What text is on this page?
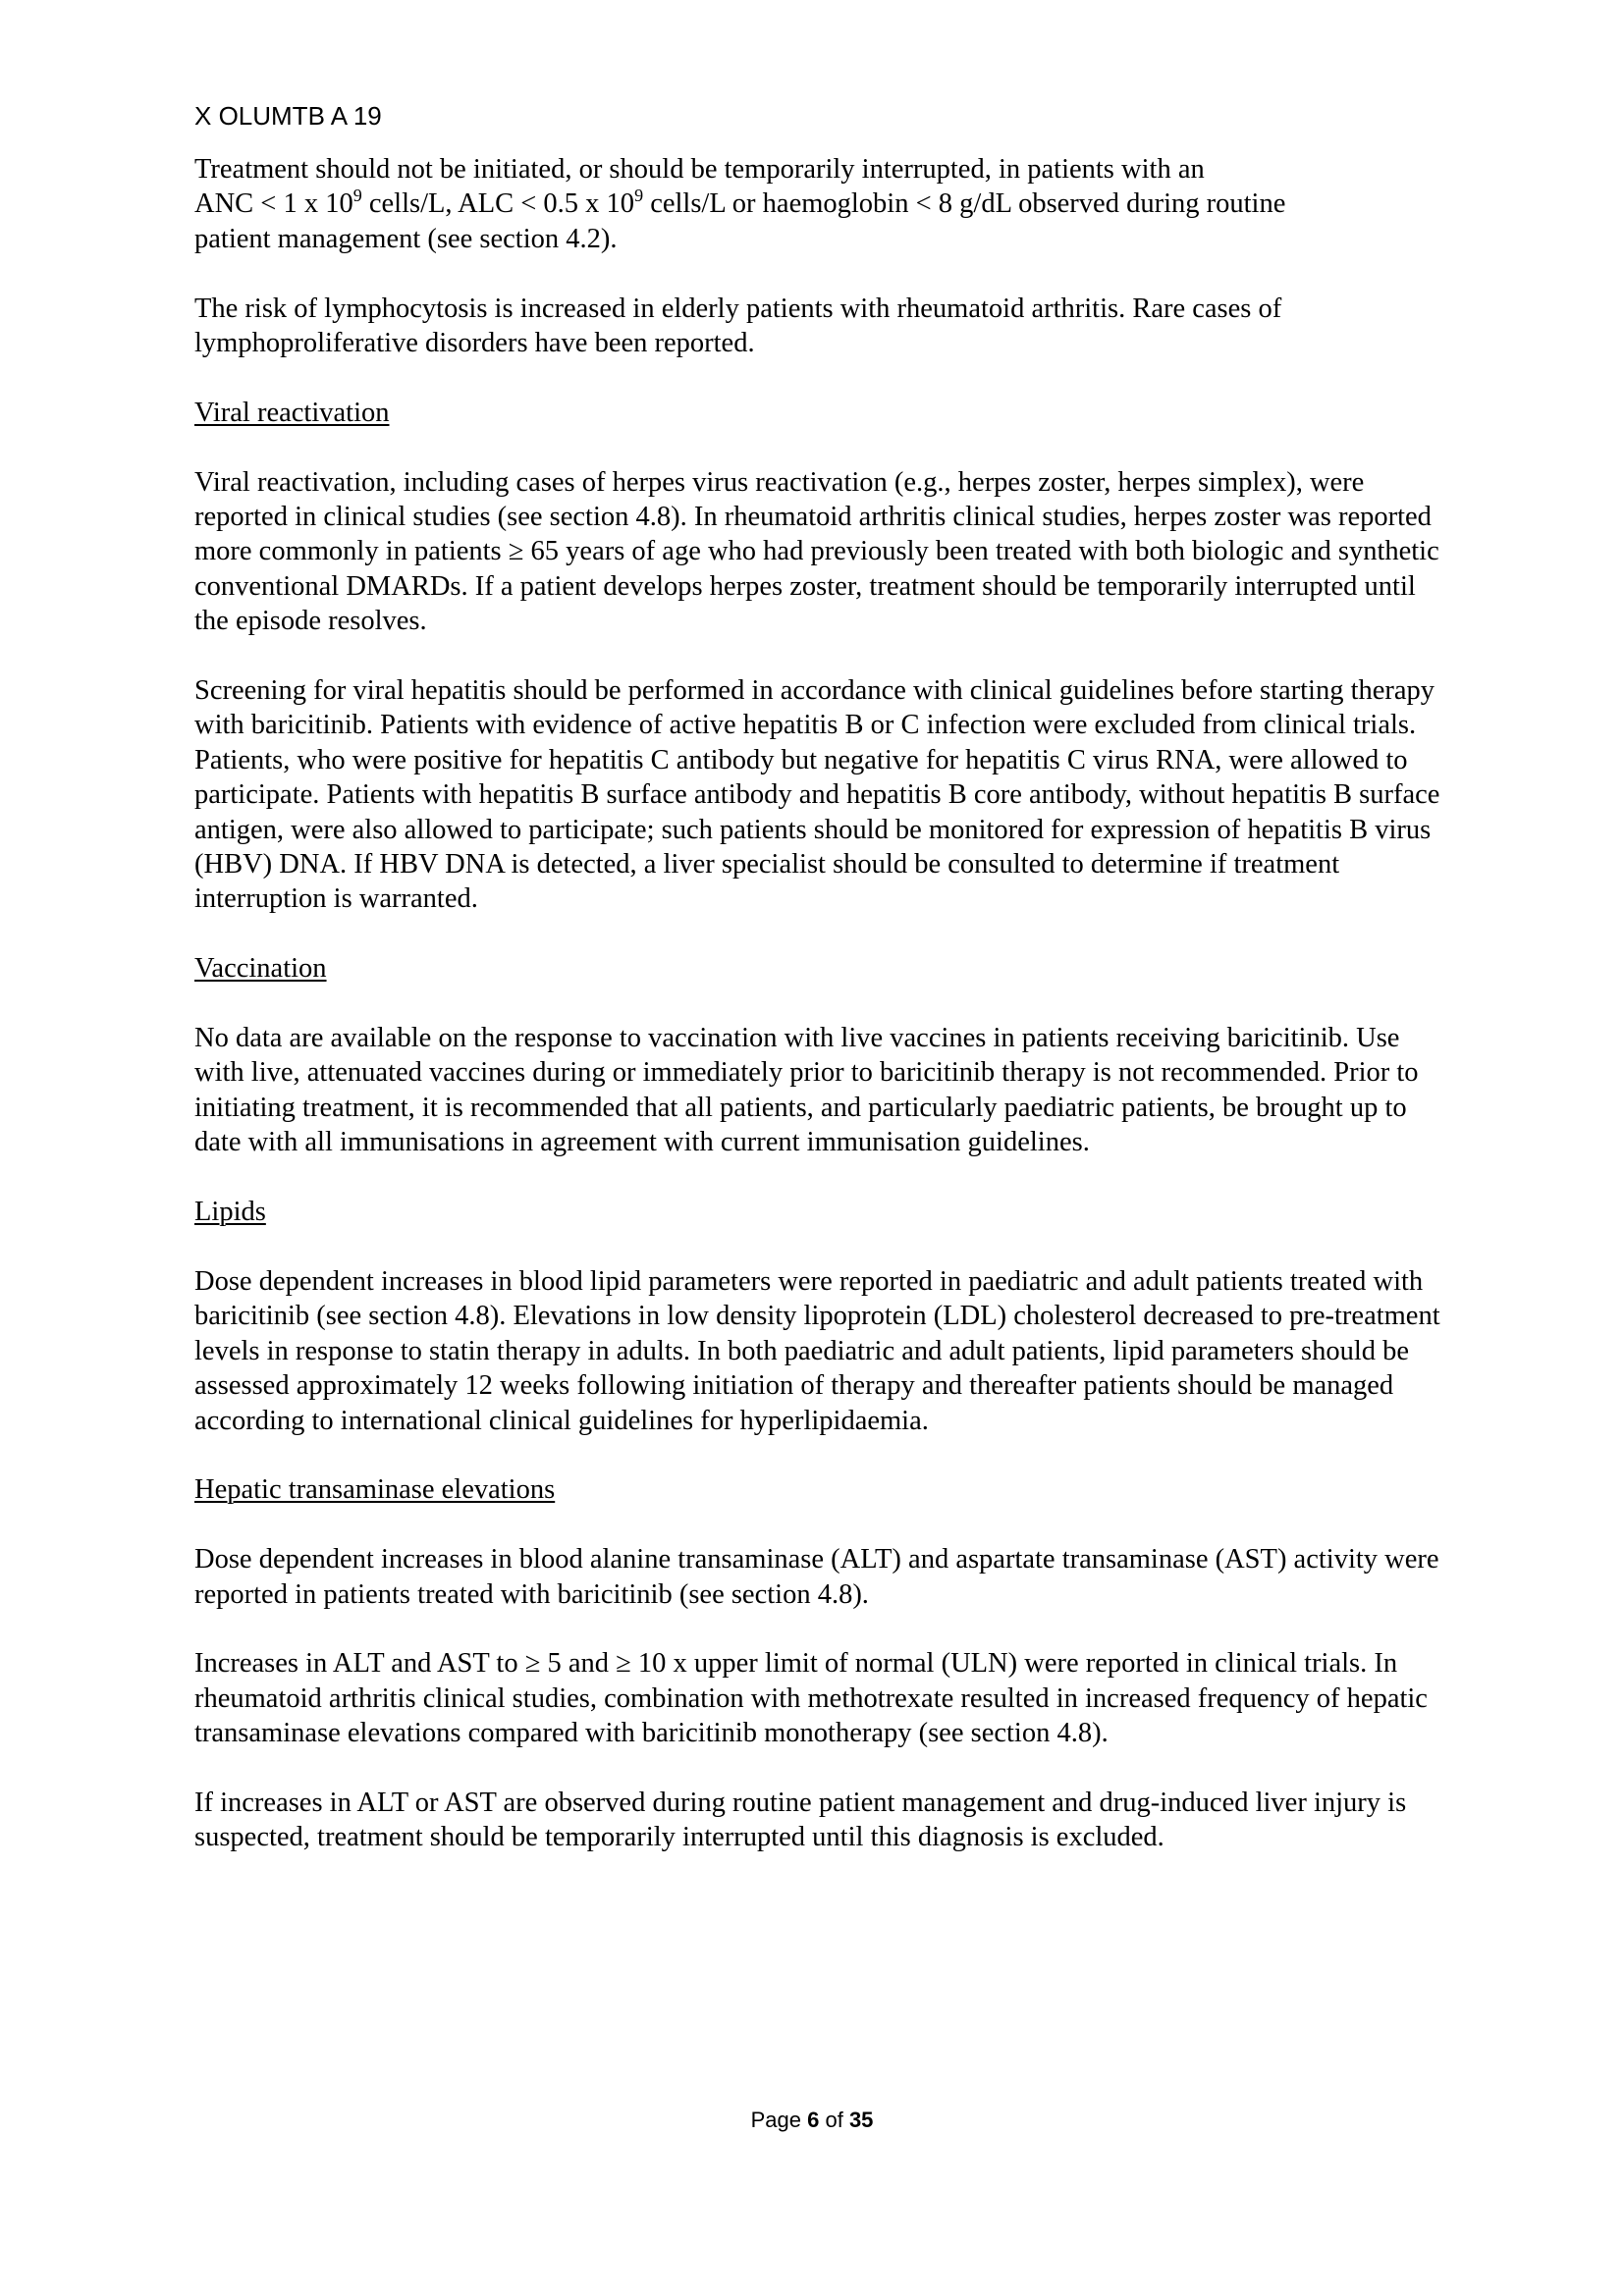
X OLUMTB A 19

Treatment should not be initiated, or should be temporarily interrupted, in patients with an
ANC < 1 x $10^9$ cells/L, ALC < 0.5 x $10^9$ cells/L or haemoglobin < 8 g/dL observed during routine
patient management (see section 4.2).

The risk of lymphocytosis is increased in elderly patients with rheumatoid arthritis. Rare cases of lymphoproliferative disorders have been reported.

Viral reactivation

Viral reactivation, including cases of herpes virus reactivation (e.g., herpes zoster, herpes simplex), were reported in clinical studies (see section 4.8). In rheumatoid arthritis clinical studies, herpes zoster was reported more commonly in patients ≥ 65 years of age who had previously been treated with both biologic and synthetic conventional DMARDs. If a patient develops herpes zoster, treatment should be temporarily interrupted until the episode resolves.

Screening for viral hepatitis should be performed in accordance with clinical guidelines before starting therapy with baricitinib. Patients with evidence of active hepatitis B or C infection were excluded from clinical trials. Patients, who were positive for hepatitis C antibody but negative for hepatitis C virus RNA, were allowed to participate. Patients with hepatitis B surface antibody and hepatitis B core antibody, without hepatitis B surface antigen, were also allowed to participate; such patients should be monitored for expression of hepatitis B virus (HBV) DNA. If HBV DNA is detected, a liver specialist should be consulted to determine if treatment interruption is warranted.

Vaccination

No data are available on the response to vaccination with live vaccines in patients receiving baricitinib. Use with live, attenuated vaccines during or immediately prior to baricitinib therapy is not recommended. Prior to initiating treatment, it is recommended that all patients, and particularly paediatric patients, be brought up to date with all immunisations in agreement with current immunisation guidelines.

Lipids

Dose dependent increases in blood lipid parameters were reported in paediatric and adult patients treated with baricitinib (see section 4.8). Elevations in low density lipoprotein (LDL) cholesterol decreased to pre-treatment levels in response to statin therapy in adults. In both paediatric and adult patients, lipid parameters should be assessed approximately 12 weeks following initiation of therapy and thereafter patients should be managed according to international clinical guidelines for hyperlipidaemia.

Hepatic transaminase elevations

Dose dependent increases in blood alanine transaminase (ALT) and aspartate transaminase (AST) activity were reported in patients treated with baricitinib (see section 4.8).

Increases in ALT and AST to ≥ 5 and ≥ 10 x upper limit of normal (ULN) were reported in clinical trials. In rheumatoid arthritis clinical studies, combination with methotrexate resulted in increased frequency of hepatic transaminase elevations compared with baricitinib monotherapy (see section 4.8).

If increases in ALT or AST are observed during routine patient management and drug-induced liver injury is suspected, treatment should be temporarily interrupted until this diagnosis is excluded.

Page 6 of 35
